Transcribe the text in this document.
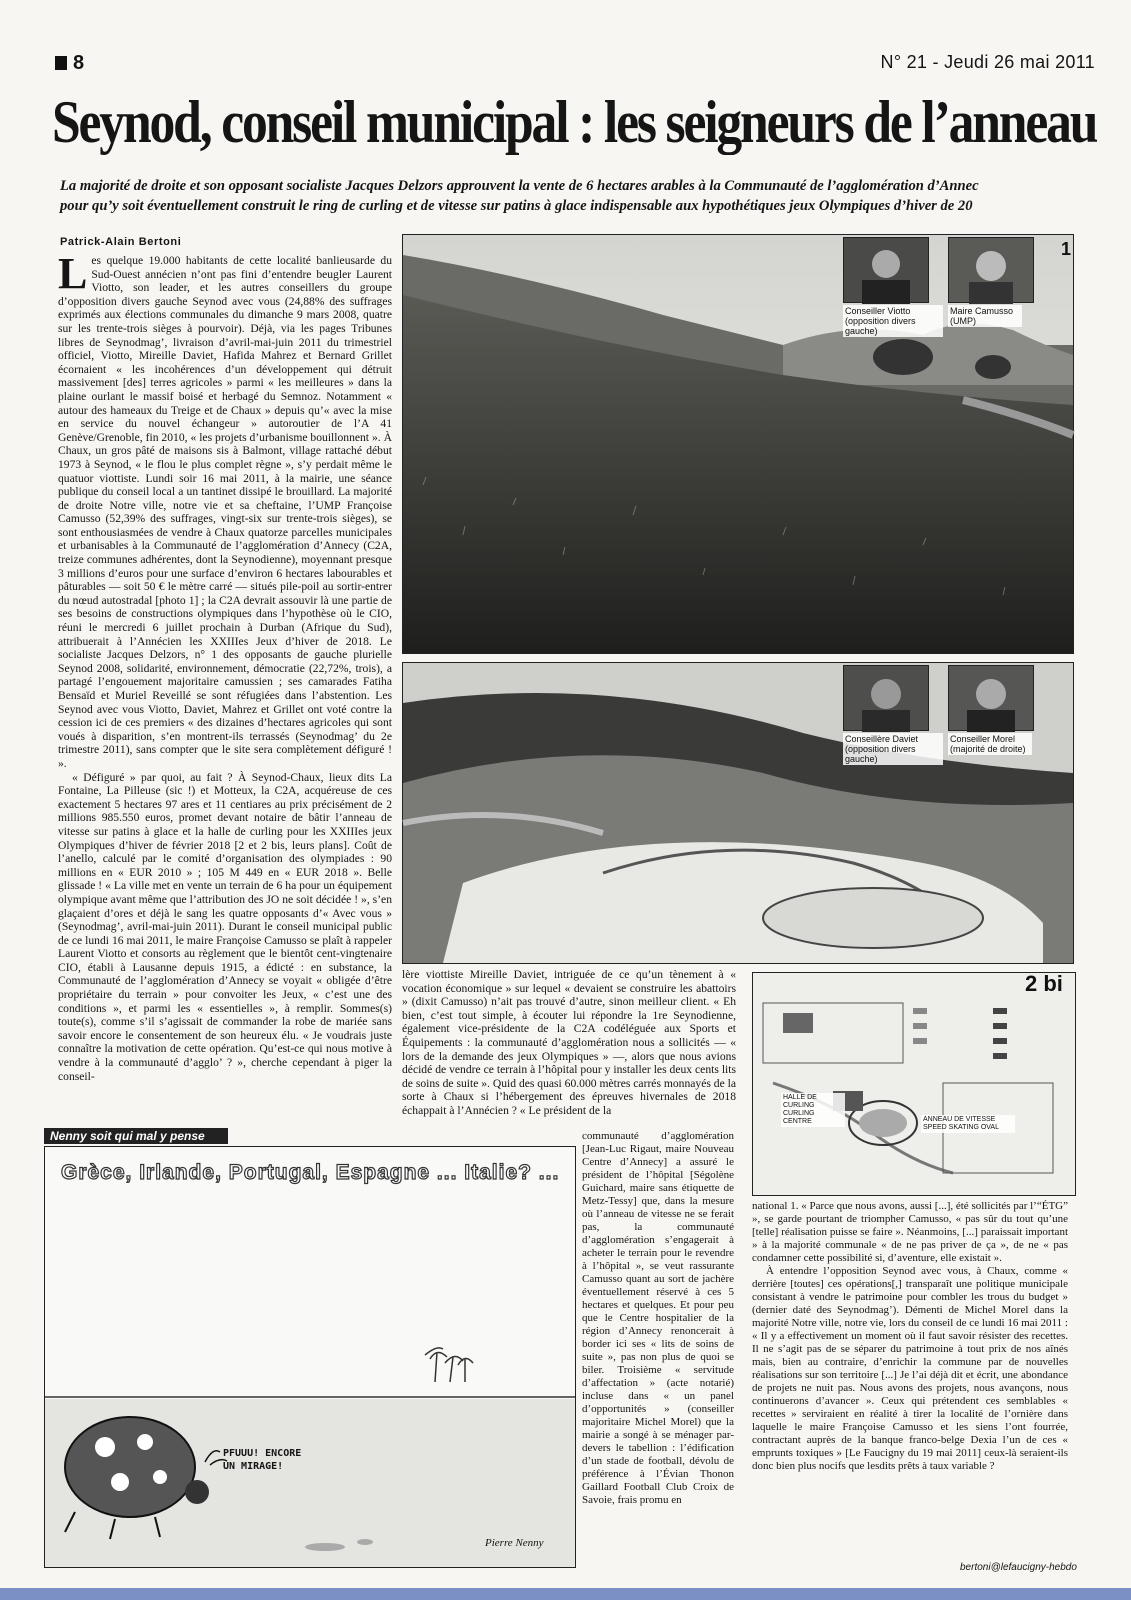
8	N° 21 - Jeudi 26 mai 2011
Seynod, conseil municipal : les seigneurs de l’anneau
La majorité de droite et son opposant socialiste Jacques Delzors approuvent la vente de 6 hectares arables à la Communauté de l’agglomération d’Annec
pour qu’y soit éventuellement construit le ring de curling et de vitesse sur patins à glace indispensable aux hypothétiques jeux Olympiques d’hiver de 20
Patrick-Alain Bertoni

Les quelque 19.000 habitants de cette localité banlieusarde du Sud-Ouest annécien n’ont pas fini d’entendre beugler Laurent Viotto, son leader, et les autres conseillers du groupe d’opposition divers gauche Seynod avec vous (24,88% des suffrages exprimés aux élections communales du dimanche 9 mars 2008, quatre sur les trente-trois sièges à pourvoir). Déjà, via les pages Tribunes libres de Seynodmag’, livraison d’avril-mai-juin 2011 du trimestriel officiel, Viotto, Mireille Daviet, Hafida Mahrez et Bernard Grillet écornaient « les incohérences d’un développement qui détruit massivement [des] terres agricoles » parmi « les meilleures » dans la plaine ourlant le massif boisé et herbagé du Semnoz. Notamment « autour des hameaux du Treige et de Chaux » depuis qu’« avec la mise en service du nouvel échangeur » autoroutier de l’A 41 Genève/Grenoble, fin 2010, « les projets d’urbanisme bouillonnent ». À Chaux, un gros pâté de maisons sis à Balmont, village rattaché début 1973 à Seynod, « le flou le plus complet règne », s’y perdait même le quatuor viottiste. Lundi soir 16 mai 2011, à la mairie, une séance publique du conseil local a un tantinet dissipé le brouillard. La majorité de droite Notre ville, notre vie et sa cheftaine, l’UMP Françoise Camusso (52,39% des suffrages, vingt-six sur trente-trois sièges), se sont enthousiasmées de vendre à Chaux quatorze parcelles municipales et urbanisables à la Communauté de l’agglomération d’Annecy (C2A, treize communes adhérentes, dont la Seynodienne), moyennant presque 3 millions d’euros pour une surface d’environ 6 hectares labourables et pâturables — soit 50 € le mètre carré — situés pile-poil au sortir-entrer du nœud autostradal [photo 1] ; la C2A devrait assouvir là une partie de ses besoins de constructions olympiques dans l’hypothèse où le CIO, réuni le mercredi 6 juillet prochain à Durban (Afrique du Sud), attribuerait à l’Annécien les XXIIIes Jeux d’hiver de 2018. Le socialiste Jacques Delzors, n° 1 des opposants de gauche plurielle Seynod 2008, solidarité, environnement, démocratie (22,72%, trois), a partagé l’engouement majoritaire camussien ; ses camarades Fatiha Bensaïd et Muriel Reveillé se sont réfugiées dans l’abstention. Les Seynod avec vous Viotto, Daviet, Mahrez et Grillet ont voté contre la cession ici de ces premiers « des dizaines d’hectares agricoles qui sont voués à disparition, s’en montrent-ils terrassés (Seynodmag’ du 2e trimestre 2011), sans compter que le site sera complètement défiguré ! ».

« Défiguré » par quoi, au fait ? À Seynod-Chaux, lieux dits La Fontaine, La Pilleuse (sic !) et Motteux, la C2A, acquéreuse de ces exactement 5 hectares 97 ares et 11 centiares au prix précisément de 2 millions 985.550 euros, promet devant notaire de bâtir l’anneau de vitesse sur patins à glace et la halle de curling pour les XXIIIes jeux Olympiques d’hiver de février 2018 [2 et 2 bis, leurs plans]. Coût de l’anello, calculé par le comité d’organisation des olympiades : 90 millions en « EUR 2010 » ; 105 M 449 en « EUR 2018 ». Belle glissade ! « La ville met en vente un terrain de 6 ha pour un équipement olympique avant même que l’attribution des JO ne soit décidée ! », s’en glaçaient d’ores et déjà le sang les quatre opposants d’« Avec vous » (Seynodmag’, avril-mai-juin 2011). Durant le conseil municipal public de ce lundi 16 mai 2011, le maire Françoise Camusso se plaît à rappeler Laurent Viotto et consorts au règlement que le bientôt cent-vingtenaire CIO, établi à Lausanne depuis 1915, a édicté : en substance, la Communauté de l’agglomération d’Annecy se voyait « obligée d’être propriétaire du terrain » pour convoiter les Jeux, « c’est une des conditions », et parmi les « essentielles », à remplir. Sommes(s) toute(s), comme s’il s’agissait de commander la robe de mariée sans savoir encore le consentement de son heureux élu. « Je voudrais juste connaître la motivation de cette opération. Qu’est-ce qui nous motive à vendre à la communauté d’agglo’ ? », cherche cependant à piger la conseil-

Conseiller Viotto (opposition divers gauche)
Maire Camusso (UMP)
1
Conseillère Daviet (opposition divers gauche)
Conseiller Morel (majorité de droite)

lère viottiste Mireille Daviet, intriguée de ce qu’un tènement à « vocation économique » sur lequel « devaient se construire les abattoirs » (dixit Camusso) n’ait pas trouvé d’autre, sinon meilleur client. « Eh bien, c’est tout simple, à écouter lui répondre la 1re Seynodienne, également vice-présidente de la C2A codéléguée aux Sports et Équipements : la communauté d’agglomération nous a sollicités — « lors de la demande des jeux Olympiques » —, alors que nous avions décidé de vendre ce terrain à l’hôpital pour y installer les deux cents lits de soins de suite ». Quid des quasi 60.000 mètres carrés monnayés de la sorte à Chaux si l’hébergement des épreuves hivernales de 2018 échappait à l’Annécien ? « Le président de la

communauté d’agglomération [Jean-Luc Rigaut, maire Nouveau Centre d’Annecy] a assuré le président de l’hôpital [Ségolène Guichard, maire sans étiquette de Metz-Tessy] que, dans la mesure où l’anneau de vitesse ne se ferait pas, la communauté d’agglomération s’engagerait à acheter le terrain pour le revendre à l’hôpital », se veut rassurante Camusso quant au sort de jachère éventuellement réservé à ces 5 hectares et quelques. Et pour peu que le Centre hospitalier de la région d’Annecy renoncerait à border ici ses « lits de soins de suite », pas non plus de quoi se biler. Troisième « servitude d’affectation » (acte notarié) incluse dans « un panel d’opportunités » (conseiller majoritaire Michel Morel) que la mairie a songé à se ménager par-devers le tabellion : l’édification d’un stade de football, dévolu de préférence à l’Évian Thonon Gaillard Football Club Croix de Savoie, frais promu en

2 bi
HALLE DE CURLING CURLING CENTRE	ANNEAU DE VITESSE SPEED SKATING OVAL

national 1. « Parce que nous avons, aussi [...], été sollicités par l’“ÉTG” », se garde pourtant de triompher Camusso, « pas sûr du tout qu’une [telle] réalisation puisse se faire ». Néanmoins, [...] paraissait important » à la majorité communale « de ne pas priver de ça », de ne « pas condamner cette possibilité si, d’aventure, elle existait ».

À entendre l’opposition Seynod avec vous, à Chaux, comme « derrière [toutes] ces opérations[,] transparaît une politique municipale consistant à vendre le patrimoine pour combler les trous du budget » (dernier daté des Seynodmag’). Démenti de Michel Morel dans la majorité Notre ville, notre vie, lors du conseil de ce lundi 16 mai 2011 : « Il y a effectivement un moment où il faut savoir résister des recettes. Il ne s’agit pas de se séparer du patrimoine à tout prix de nos aînés mais, bien au contraire, d’enrichir la commune par de nouvelles réalisations sur son territoire [...] Je l’ai déjà dit et écrit, une abondance de projets ne nuit pas. Nous avons des projets, nous avançons, nous continuerons d’avancer ». Ceux qui prétendent ces semblables « recettes » serviraient en réalité à tirer la localité de l’ornière dans laquelle le maire Françoise Camusso et les siens l’ont fourrée, contractant auprès de la banque franco-belge Dexia l’un de ces « emprunts toxiques » [Le Faucigny du 19 mai 2011] ceux-là seraient-ils donc bien plus nocifs que lesdits prêts à taux variable ?

bertoni@lefaucigny-hebdo
Nenny soit qui mal y pense
Grèce, Irlande, Portugal, Espagne ... Italie? ...
PFUUU! ENCORE UN MIRAGE!
Pierre Nenny
